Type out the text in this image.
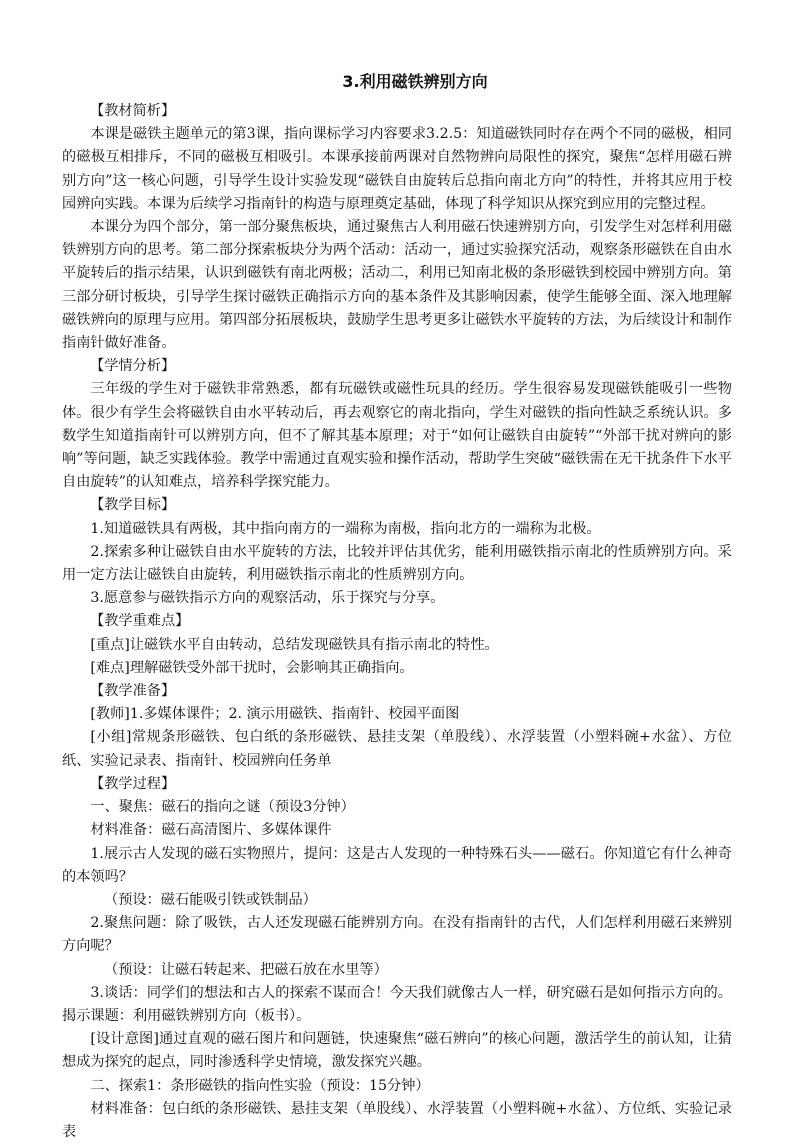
3.利用磁铁辨别方向

【教材简析】

本课是磁铁主题单元的第3课，指向课标学习内容要求3.2.5：知道磁铁同时存在两个不同的磁极，相同的磁极互相排斥，不同的磁极互相吸引。本课承接前两课对自然物辨向局限性的探究，聚焦“怎样用磁石辨别方向”这一核心问题，引导学生设计实验发现“磁铁自由旋转后总指向南北方向”的特性，并将其应用于校园辨向实践。本课为后续学习指南针的构造与原理奠定基础，体现了科学知识从探究到应用的完整过程。

本课分为四个部分，第一部分聚焦板块，通过聚焦古人利用磁石快速辨别方向，引发学生对怎样利用磁铁辨别方向的思考。第二部分探索板块分为两个活动：活动一，通过实验探究活动，观察条形磁铁在自由水平旋转后的指示结果，认识到磁铁有南北两极；活动二，利用已知南北极的条形磁铁到校园中辨别方向。第三部分研讨板块，引导学生探讨磁铁正确指示方向的基本条件及其影响因素，使学生能够全面、深入地理解磁铁辨向的原理与应用。第四部分拓展板块，鼓励学生思考更多让磁铁水平旋转的方法，为后续设计和制作指南针做好准备。

【学情分析】

三年级的学生对于磁铁非常熟悉，都有玩磁铁或磁性玩具的经历。学生很容易发现磁铁能吸引一些物体。很少有学生会将磁铁自由水平转动后，再去观察它的南北指向，学生对磁铁的指向性缺乏系统认识。多数学生知道指南针可以辨别方向，但不了解其基本原理；对于“如何让磁铁自由旋转”“外部干扰对辨向的影响”等问题，缺乏实践体验。教学中需通过直观实验和操作活动，帮助学生突破“磁铁需在无干扰条件下水平自由旋转”的认知难点，培养科学探究能力。

【教学目标】

1.知道磁铁具有两极，其中指向南方的一端称为南极，指向北方的一端称为北极。

2.探索多种让磁铁自由水平旋转的方法，比较并评估其优劣，能利用磁铁指示南北的性质辨别方向。采用一定方法让磁铁自由旋转，利用磁铁指示南北的性质辨别方向。

3.愿意参与磁铁指示方向的观察活动，乐于探究与分享。

【教学重难点】

[重点]让磁铁水平自由转动，总结发现磁铁具有指示南北的特性。

[难点]理解磁铁受外部干扰时，会影响其正确指向。

【教学准备】

[教师]1.多媒体课件；2. 演示用磁铁、指南针、校园平面图

[小组]常规条形磁铁、包白纸的条形磁铁、悬挂支架（单股线）、水浮装置（小塑料碗+水盆）、方位纸、实验记录表、指南针、校园辨向任务单

【教学过程】

一、聚焦：磁石的指向之谜（预设3分钟）

材料准备：磁石高清图片、多媒体课件

1.展示古人发现的磁石实物照片，提问：这是古人发现的一种特殊石头——磁石。你知道它有什么神奇的本领吗？

（预设：磁石能吸引铁或铁制品）

2.聚焦问题：除了吸铁，古人还发现磁石能辨别方向。在没有指南针的古代，人们怎样利用磁石来辨别方向呢？

（预设：让磁石转起来、把磁石放在水里等）

3.谈话：同学们的想法和古人的探索不谋而合！今天我们就像古人一样，研究磁石是如何指示方向的。揭示课题：利用磁铁辨别方向（板书）。

[设计意图]通过直观的磁石图片和问题链，快速聚焦“磁石辨向”的核心问题，激活学生的前认知，让猜想成为探究的起点，同时渗透科学史情境，激发探究兴趣。

二、探索1：条形磁铁的指向性实验（预设：15分钟）

材料准备：包白纸的条形磁铁、悬挂支架（单股线）、水浮装置（小塑料碗+水盆）、方位纸、实验记录表
